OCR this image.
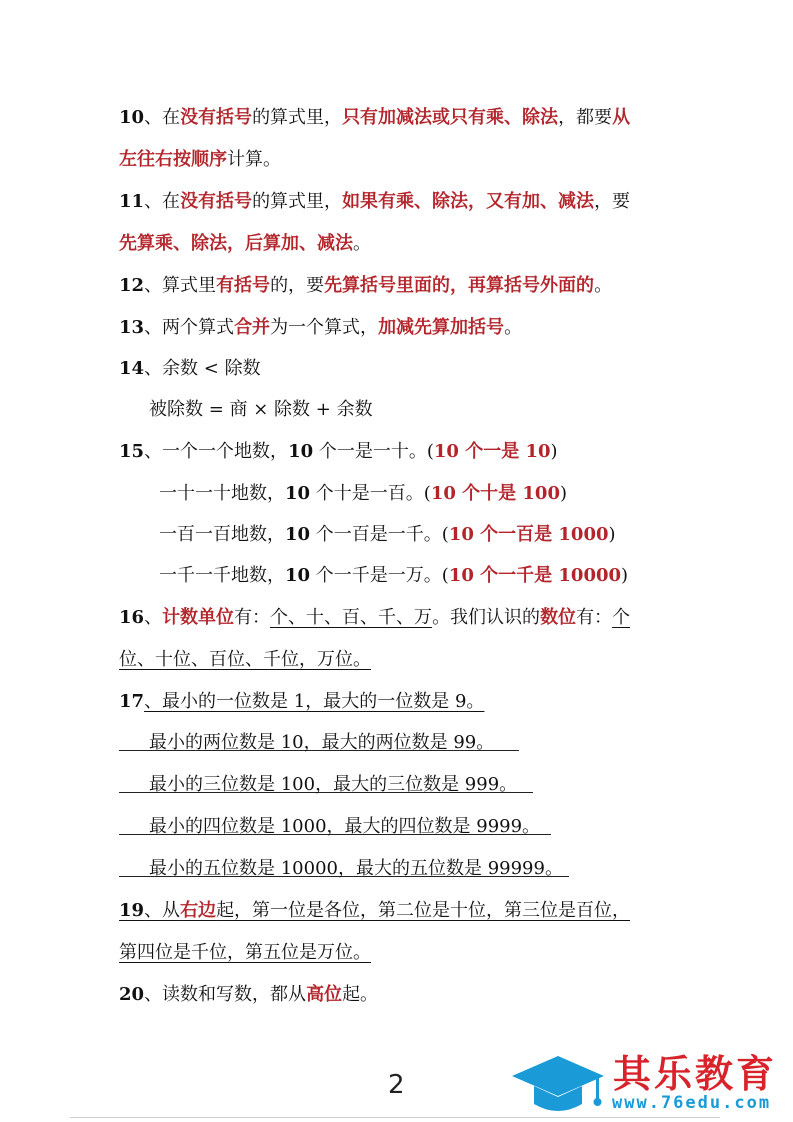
10、在没有括号的算式里，只有加减法或只有乘、除法，都要从
左往右按顺序计算。
11、在没有括号的算式里，如果有乘、除法，又有加、减法，要
先算乘、除法，后算加、减法。
12、算式里有括号的，要先算括号里面的，再算括号外面的。
13、两个算式合并为一个算式，加减先算加括号。
14、余数 < 除数
被除数 = 商 × 除数 + 余数
15、一个一个地数，10 个一是一十。(10 个一是 10)
一十一十地数，10 个十是一百。(10 个十是 100)
一百一百地数，10 个一百是一千。(10 个一百是 1000)
一千一千地数，10 个一千是一万。(10 个一千是 10000)
16、计数单位有：个、十、百、千、万。我们认识的数位有：个
位、十位、百位、千位，万位。
17、最小的一位数是 1，最大的一位数是 9。
最小的两位数是 10，最大的两位数是 99。
最小的三位数是 100，最大的三位数是 999。
最小的四位数是 1000，最大的四位数是 9999。
最小的五位数是 10000，最大的五位数是 99999。
19、从右边起，第一位是各位，第二位是十位，第三位是百位，
第四位是千位，第五位是万位。
20、读数和写数，都从高位起。
2	其乐教育
www.76edu.com
